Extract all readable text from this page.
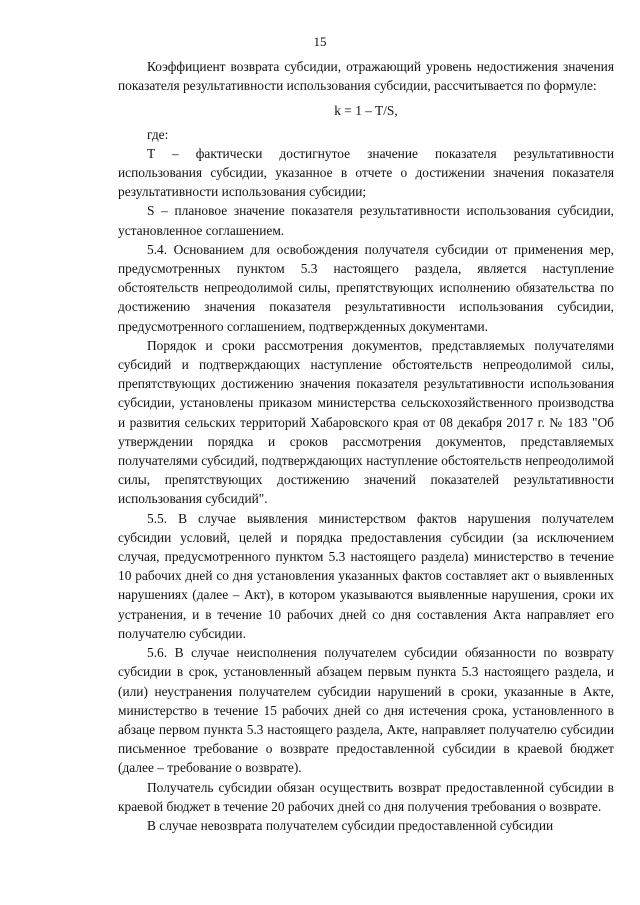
15

Коэффициент возврата субсидии, отражающий уровень недостижения значения показателя результативности использования субсидии, рассчитывается по формуле:

k = 1 – T/S,

где:

T – фактически достигнутое значение показателя результативности использования субсидии, указанное в отчете о достижении значения показателя результативности использования субсидии;

S – плановое значение показателя результативности использования субсидии, установленное соглашением.

5.4. Основанием для освобождения получателя субсидии от применения мер, предусмотренных пунктом 5.3 настоящего раздела, является наступление обстоятельств непреодолимой силы, препятствующих исполнению обязательства по достижению значения показателя результативности использования субсидии, предусмотренного соглашением, подтвержденных документами.

Порядок и сроки рассмотрения документов, представляемых получателями субсидий и подтверждающих наступление обстоятельств непреодолимой силы, препятствующих достижению значения показателя результативности использования субсидии, установлены приказом министерства сельскохозяйственного производства и развития сельских территорий Хабаровского края от 08 декабря 2017 г. № 183 "Об утверждении порядка и сроков рассмотрения документов, представляемых получателями субсидий, подтверждающих наступление обстоятельств непреодолимой силы, препятствующих достижению значений показателей результативности использования субсидий".

5.5. В случае выявления министерством фактов нарушения получателем субсидии условий, целей и порядка предоставления субсидии (за исключением случая, предусмотренного пунктом 5.3 настоящего раздела) министерство в течение 10 рабочих дней со дня установления указанных фактов составляет акт о выявленных нарушениях (далее – Акт), в котором указываются выявленные нарушения, сроки их устранения, и в течение 10 рабочих дней со дня составления Акта направляет его получателю субсидии.

5.6. В случае неисполнения получателем субсидии обязанности по возврату субсидии в срок, установленный абзацем первым пункта 5.3 настоящего раздела, и (или) неустранения получателем субсидии нарушений в сроки, указанные в Акте, министерство в течение 15 рабочих дней со дня истечения срока, установленного в абзаце первом пункта 5.3 настоящего раздела, Акте, направляет получателю субсидии письменное требование о возврате предоставленной субсидии в краевой бюджет (далее – требование о возврате).

Получатель субсидии обязан осуществить возврат предоставленной субсидии в краевой бюджет в течение 20 рабочих дней со дня получения требования о возврате.

В случае невозврата получателем субсидии предоставленной субсидии
